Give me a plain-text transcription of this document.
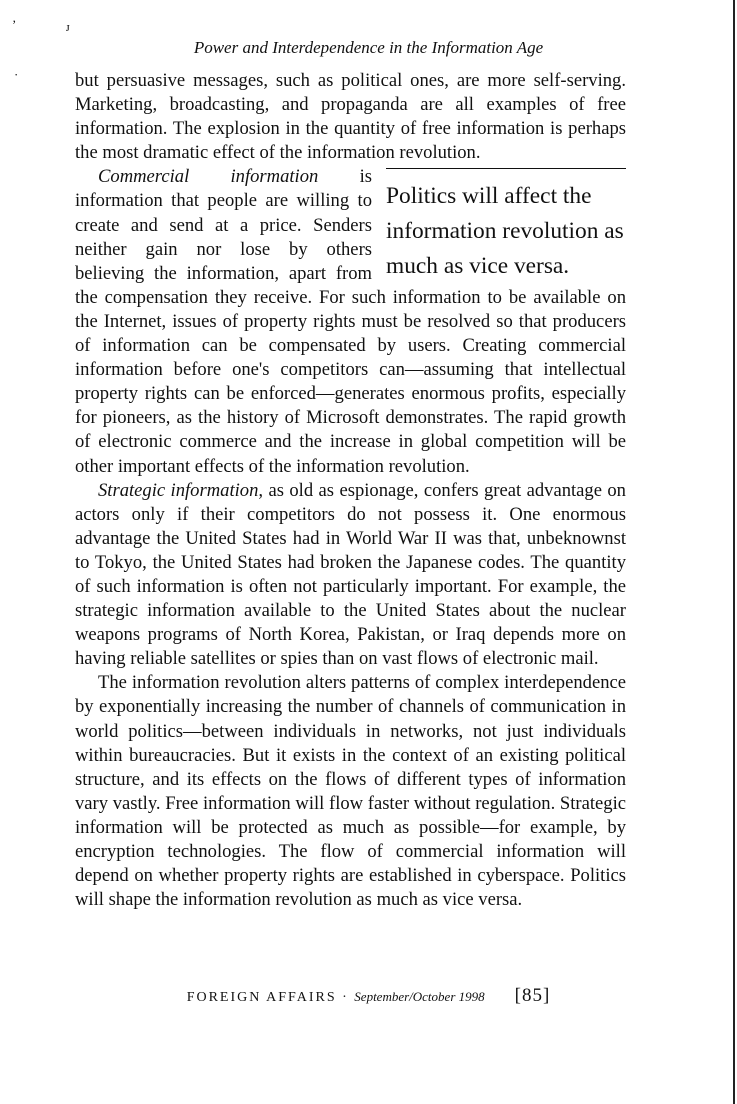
’	ᴊ
·
Power and Interdependence in the Information Age

but persuasive messages, such as political ones, are more self-serving. Marketing, broadcasting, and propaganda are all examples of free information. The explosion in the quantity of free information is perhaps the most dramatic effect of the information revolution.

Politics will affect the information revolution as much as vice versa.
Commercial information is information that people are willing to create and send at a price. Senders neither gain nor lose by others believing the information, apart from the compensation they receive. For such information to be available on the Internet, issues of property rights must be resolved so that producers of information can be compensated by users. Creating commercial information before one's competitors can—assuming that intellectual property rights can be enforced—generates enormous profits, especially for pioneers, as the history of Microsoft demonstrates. The rapid growth of electronic commerce and the increase in global competition will be other important effects of the information revolution.

Strategic information, as old as espionage, confers great advantage on actors only if their competitors do not possess it. One enormous advantage the United States had in World War II was that, unbeknownst to Tokyo, the United States had broken the Japanese codes. The quantity of such information is often not particularly important. For example, the strategic information available to the United States about the nuclear weapons programs of North Korea, Pakistan, or Iraq depends more on having reliable satellites or spies than on vast flows of electronic mail.

The information revolution alters patterns of complex interdependence by exponentially increasing the number of channels of communication in world politics—between individuals in networks, not just individuals within bureaucracies. But it exists in the context of an existing political structure, and its effects on the flows of different types of information vary vastly. Free information will flow faster without regulation. Strategic information will be protected as much as possible—for example, by encryption technologies. The flow of commercial information will depend on whether property rights are established in cyberspace. Politics will shape the information revolution as much as vice versa.

FOREIGN AFFAIRS · September/October 1998 [85]
